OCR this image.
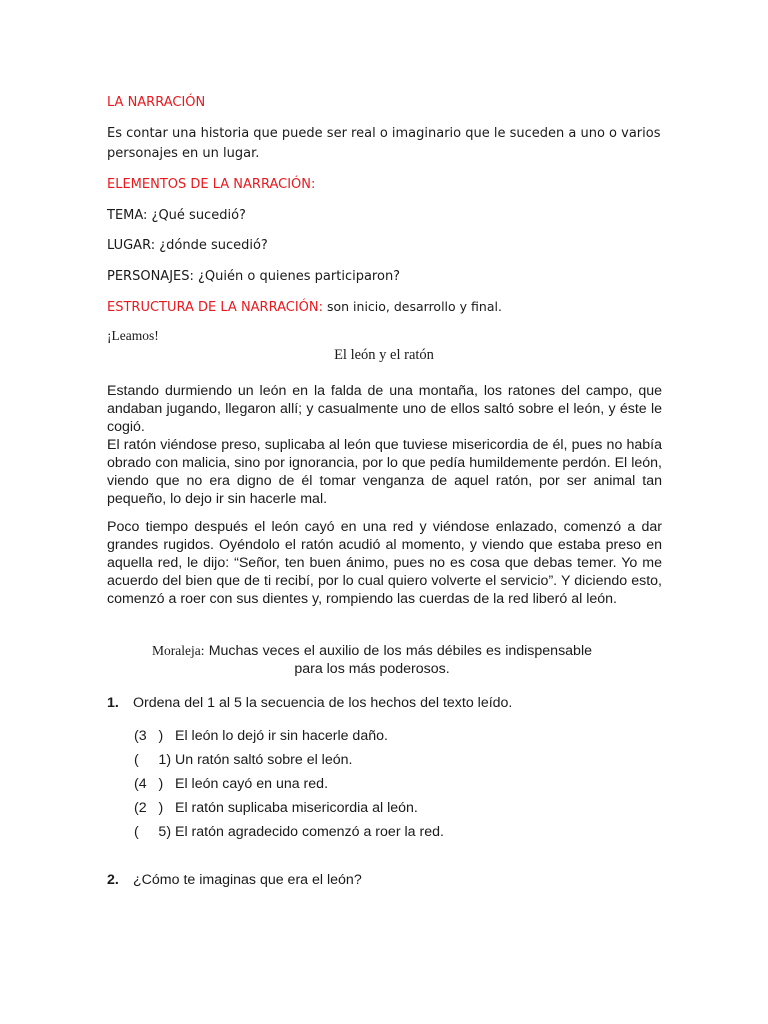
LA NARRACIÓN
Es contar una historia que puede ser real o imaginario que le suceden a uno o varios
personajes en un lugar.
ELEMENTOS DE LA NARRACIÓN:
TEMA: ¿Qué sucedió?
LUGAR: ¿dónde sucedió?
PERSONAJES: ¿Quién o quienes participaron?
ESTRUCTURA DE LA NARRACIÓN: son inicio, desarrollo y final.
¡Leamos!
El león y el ratón

Estando durmiendo un león en la falda de una montaña, los ratones del campo, que andaban jugando, llegaron allí; y casualmente uno de ellos saltó sobre el león, y éste le cogió.

El ratón viéndose preso, suplicaba al león que tuviese misericordia de él, pues no había obrado con malicia, sino por ignorancia, por lo que pedía humildemente perdón. El león, viendo que no era digno de él tomar venganza de aquel ratón, por ser animal tan pequeño, lo dejo ir sin hacerle mal.

Poco tiempo después el león cayó en una red y viéndose enlazado, comenzó a dar grandes rugidos. Oyéndolo el ratón acudió al momento, y viendo que estaba preso en aquella red, le dijo: “Señor, ten buen ánimo, pues no es cosa que debas temer. Yo me acuerdo del bien que de ti recibí, por lo cual quiero volverte el servicio”. Y diciendo esto, comenzó a roer con sus dientes y, rompiendo las cuerdas de la red liberó al león.
Moraleja: Muchas veces el auxilio de los más débiles es indispensable para los más poderosos.
1. Ordena del 1 al 5 la secuencia de los hechos del texto leído.
(3   )   El león lo dejó ir sin hacerle daño.
(     1) Un ratón saltó sobre el león.
(4   )   El león cayó en una red.
(2   )   El ratón suplicaba misericordia al león.
(     5) El ratón agradecido comenzó a roer la red.
2. ¿Cómo te imaginas que era el león?
